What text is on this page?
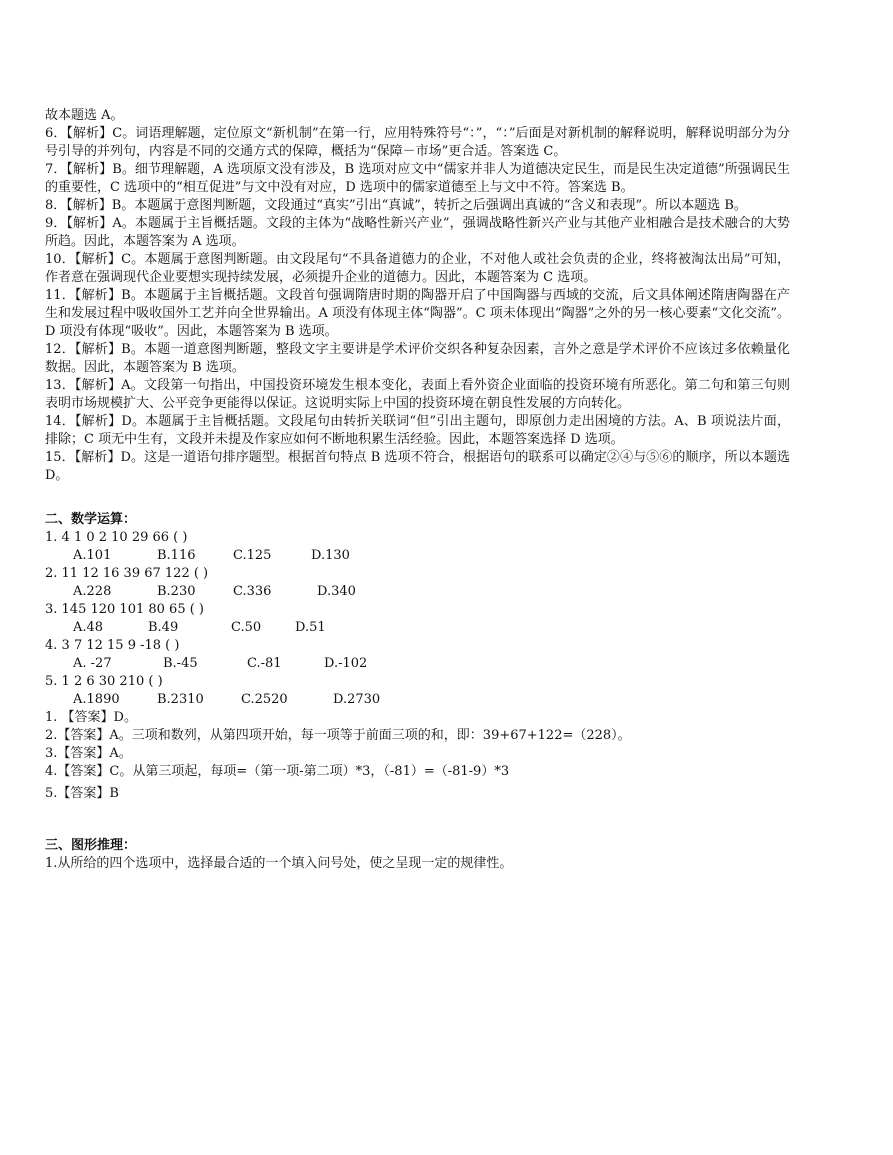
故本题选 A。

6．【解析】C。词语理解题，定位原文“新机制”在第一行，应用特殊符号“：”，“：”后面是对新机制的解释说明，解释说明部分为分号引导的并列句，内容是不同的交通方式的保障，概括为“保障－市场”更合适。答案选 C。

7．【解析】B。细节理解题，A 选项原文没有涉及，B 选项对应文中“儒家并非人为道德决定民生，而是民生决定道德”所强调民生的重要性，C 选项中的“相互促进”与文中没有对应，D 选项中的儒家道德至上与文中不符。答案选 B。

8．【解析】B。本题属于意图判断题，文段通过“真实”引出“真诚”，转折之后强调出真诚的“含义和表现”。所以本题选 B。

9．【解析】A。本题属于主旨概括题。文段的主体为“战略性新兴产业”，强调战略性新兴产业与其他产业相融合是技术融合的大势所趋。因此，本题答案为 A 选项。

10．【解析】C。本题属于意图判断题。由文段尾句“不具备道德力的企业，不对他人或社会负责的企业，终将被淘汰出局”可知，作者意在强调现代企业要想实现持续发展，必须提升企业的道德力。因此，本题答案为 C 选项。

11．【解析】B。本题属于主旨概括题。文段首句强调隋唐时期的陶器开启了中国陶器与西域的交流，后文具体阐述隋唐陶器在产生和发展过程中吸收国外工艺并向全世界输出。A 项没有体现主体“陶器”。C 项未体现出“陶器”之外的另一核心要素“文化交流”。D 项没有体现“吸收”。因此，本题答案为 B 选项。

12．【解析】B。本题一道意图判断题，整段文字主要讲是学术评价交织各种复杂因素，言外之意是学术评价不应该过多依赖量化数据。因此，本题答案为 B 选项。

13．【解析】A。文段第一句指出，中国投资环境发生根本变化，表面上看外资企业面临的投资环境有所恶化。第二句和第三句则表明市场规模扩大、公平竞争更能得以保证。这说明实际上中国的投资环境在朝良性发展的方向转化。

14．【解析】D。本题属于主旨概括题。文段尾句由转折关联词“但”引出主题句，即原创力走出困境的方法。A、B 项说法片面，排除；C 项无中生有，文段并未提及作家应如何不断地积累生活经验。因此，本题答案选择 D 选项。

15．【解析】D。这是一道语句排序题型。根据首句特点 B 选项不符合，根据语句的联系可以确定②④与⑤⑥的顺序，所以本题选 D。

二、数学运算：

1. 4 1 0 2 10 29 66 ( )

A.101	B.116	C.125	D.130

2. 11 12 16 39 67 122 ( )

A.228	B.230	C.336	D.340

3. 145 120 101 80 65 ( )

A.48	B.49	C.50	D.51

4. 3 7 12 15 9 -18 ( )

A. -27	B.-45	C.-81	D.-102

5. 1 2 6 30 210 ( )

A.1890	B.2310	C.2520	D.2730

1. 【答案】D。

2.【答案】A。三项和数列，从第四项开始，每一项等于前面三项的和，即：39+67+122=（228）。

3.【答案】A。

4.【答案】C。从第三项起，每项=（第一项-第二项）*3，（-81）=（-81-9）*3

5.【答案】B

三、图形推理：

1.从所给的四个选项中，选择最合适的一个填入问号处，使之呈现一定的规律性。
